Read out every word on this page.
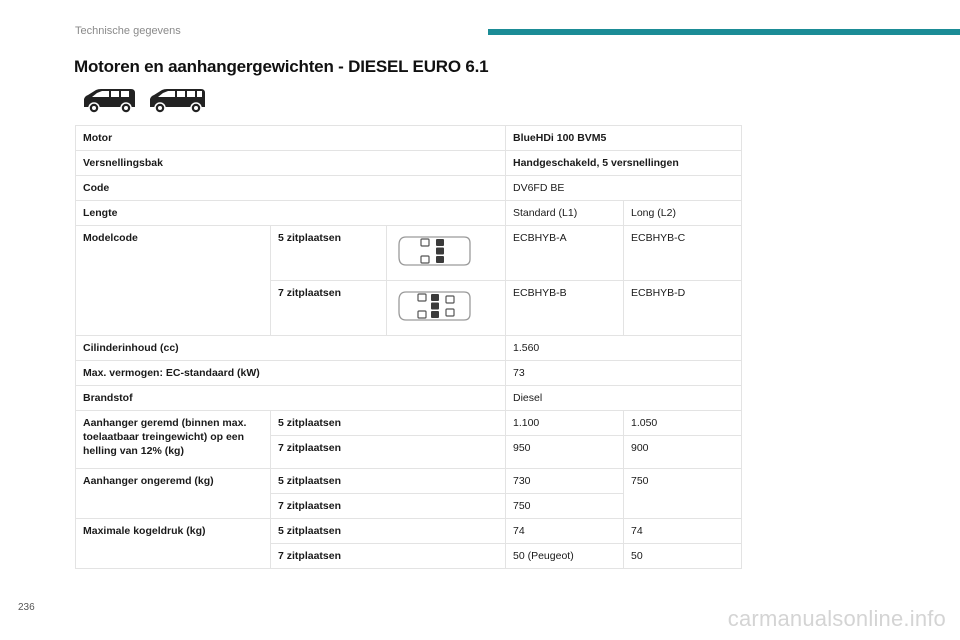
Technische gegevens
Motoren en aanhangergewichten - DIESEL EURO 6.1
Motor			BlueHDi 100 BVM5	
Versnellingsbak			Handgeschakeld, 5 versnellingen	
Code			DV6FD BE	
Lengte			Standard (L1)	Long (L2)
Modelcode	5 zitplaatsen		ECBHYB-A	ECBHYB-C
	7 zitplaatsen		ECBHYB-B	ECBHYB-D
Cilinderinhoud (cc)			1.560	
Max. vermogen: EC-standaard (kW)			73	
Brandstof			Diesel	
Aanhanger geremd (binnen max. toelaatbaar treingewicht) op een helling van 12% (kg)	5 zitplaatsen		1.100	1.050
	7 zitplaatsen		950	900
Aanhanger ongeremd (kg)	5 zitplaatsen		730	750
	7 zitplaatsen		750	
Maximale kogeldruk (kg)	5 zitplaatsen		74	74
	7 zitplaatsen		50 (Peugeot)	50
236	carmanualsonline.info
